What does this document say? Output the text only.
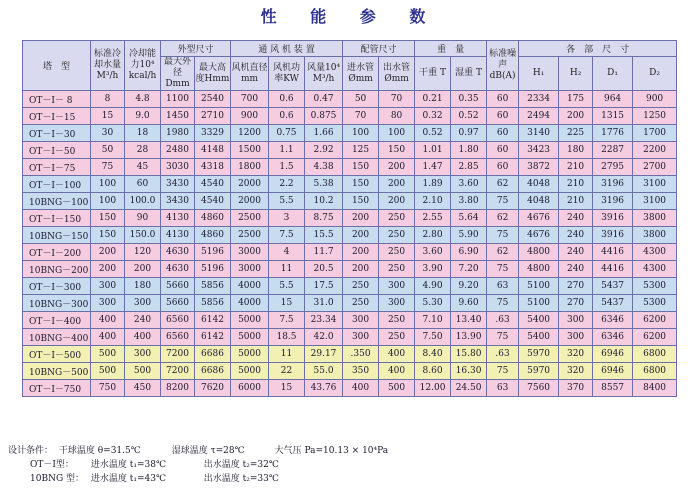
性 能 参 数
塔　型	标准冷却水量 M³/h	冷却能力10⁴ kcal/h	外型尺寸		通 风 机 装 置			配管尺寸		重　量		标准噪声 dB(A)	各　部　尺　寸			
			最大外径Dmm	最大高度Hmm	风机直径mm	风机功率KW	风量10⁴ M³/h	进水管 Ømm	出水管 Ømm	干重 T	湿重 T		H₁	H₂	D₁	D₂
OT－Ⅰ－ 8	8	4.8	1100	2540	700	0.6	0.47	50	70	0.21	0.35	60	2334	175	964	900
OT－Ⅰ－15	15	9.0	1450	2710	900	0.6	0.875	70	80	0.32	0.52	60	2494	200	1315	1250
OT－Ⅰ－30	30	18	1980	3329	1200	0.75	1.66	100	100	0.52	0.97	60	3140	225	1776	1700
OT－Ⅰ－50	50	28	2480	4148	1500	1.1	2.92	125	150	1.01	1.80	60	3423	180	2287	2200
OT－Ⅰ－75	75	45	3030	4318	1800	1.5	4.38	150	200	1.47	2.85	60	3872	210	2795	2700
OT－Ⅰ－100	100	60	3430	4540	2000	2.2	5.38	150	200	1.89	3.60	62	4048	210	3196	3100
10BNG－100	100	100.0	3430	4540	2000	5.5	10.2	150	200	2.10	3.80	75	4048	210	3196	3100
OT－Ⅰ－150	150	90	4130	4860	2500	3	8.75	200	250	2.55	5.64	62	4676	240	3916	3800
10BNG－150	150	150.0	4130	4860	2500	7.5	15.5	200	250	2.80	5.90	75	4676	240	3916	3800
OT－Ⅰ－200	200	120	4630	5196	3000	4	11.7	200	250	3.60	6.90	62	4800	240	4416	4300
10BNG－200	200	200	4630	5196	3000	11	20.5	200	250	3.90	7.20	75	4800	240	4416	4300
OT－Ⅰ－300	300	180	5660	5856	4000	5.5	17.5	250	300	4.90	9.20	63	5100	270	5437	5300
10BNG－300	300	300	5660	5856	4000	15	31.0	250	300	5.30	9.60	75	5100	270	5437	5300
OT－Ⅰ－400	400	240	6560	6142	5000	7.5	23.34	300	250	7.10	13.40	.63	5400	300	6346	6200
10BNG－400	400	400	6560	6142	5000	18.5	42.0	300	250	7.50	13.90	75	5400	300	6346	6200
OT－Ⅰ－500	500	300	7200	6686	5000	11	29.17	.350	400	8.40	15.80	.63	5970	320	6946	6800
10BNG－500	500	500	7200	6686	5000	22	55.0	350	400	8.60	16.30	75	5970	320	6946	6800
OT－Ⅰ－750	750	450	8200	7620	6000	15	43.76	400	500	12.00	24.50	63	7560	370	8557	8400
设计条件： 干球温度 θ=31.5℃	湿球温度 τ=28℃	大气压 Pa=10.13 × 10⁴Pa
OT－Ⅰ型： 进水温度 t₁=38℃	出水温度 t₂=32℃
10BNG 型： 进水温度 t₁=43℃	出水温度 t₂=33℃
